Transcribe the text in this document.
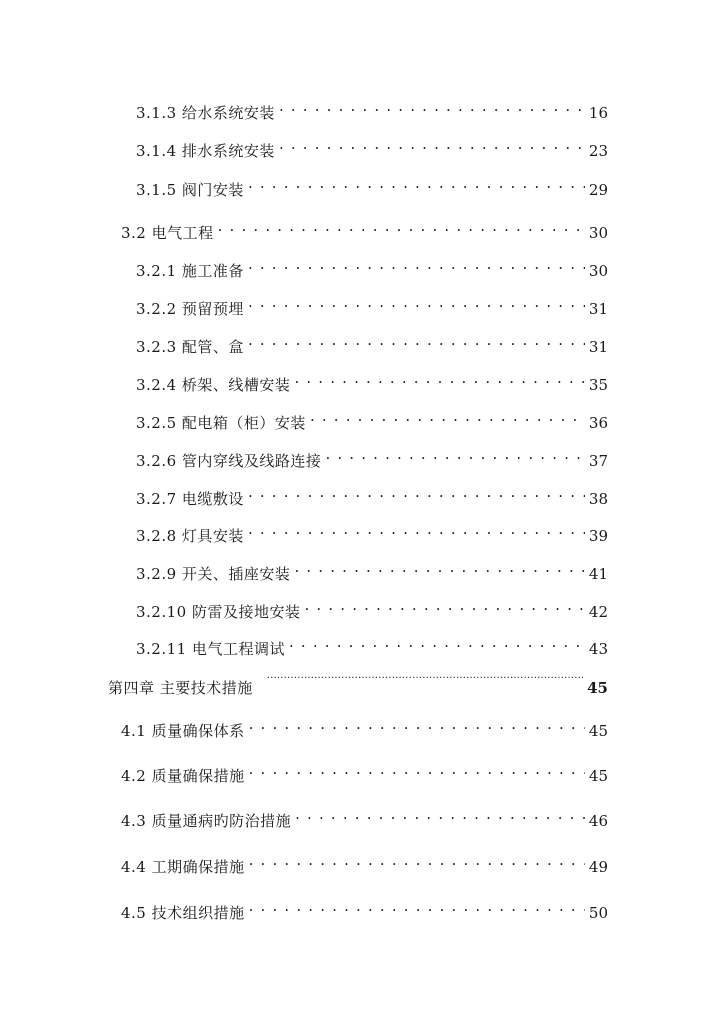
3.1.3 给水系统安装 . . .	16
3.1.4 排水系统安装 . . .	23
3.1.5 阀门安装 . . .	29
3.2 电气工程 . . .	30
3.2.1 施工准备 . . .	30
3.2.2 预留预埋 . . .	31
3.2.3 配管、盒 . . .	31
3.2.4 桥架、线槽安装 . . .	35
3.2.5 配电箱（柜）安装 . . .	36
3.2.6 管内穿线及线路连接 . . .	37
3.2.7 电缆敷设 . . .	38
3.2.8 灯具安装 . . .	39
3.2.9 开关、插座安装 . . .	41
3.2.10 防雷及接地安装 . . .	42
3.2.11 电气工程调试 . . .	43
第四章 主要技术措施 .....	45
4.1 质量确保体系 . . .	45
4.2 质量确保措施 . . .	45
4.3 质量通病旳防治措施 . . .	46
4.4 工期确保措施 . . .	49
4.5 技术组织措施 . . .	50
